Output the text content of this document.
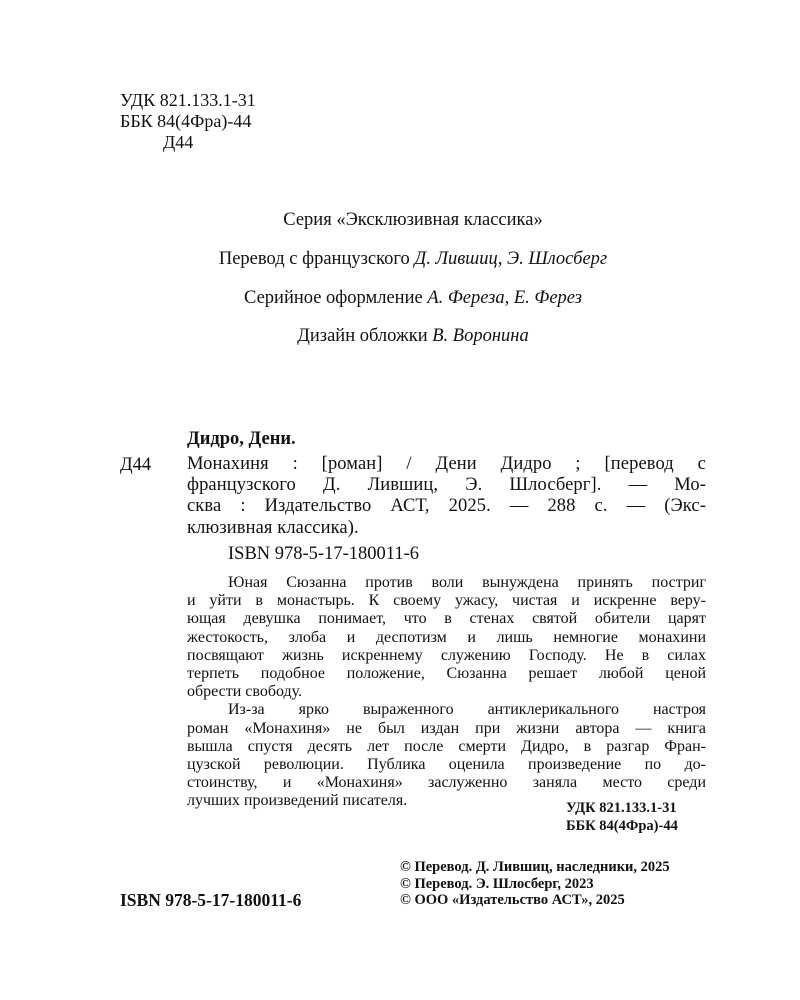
УДК 821.133.1-31
ББК 84(4Фра)-44
Д44
Серия «Эксклюзивная классика»
Перевод с французского Д. Лившиц, Э. Шлосберг
Серийное оформление А. Фереза, Е. Ферез
Дизайн обложки В. Воронина
Дидро, Дени.
Д44 Монахиня : [роман] / Дени Дидро ; [перевод с
французского Д. Лившиц, Э. Шлосберг]. — Мо-
сква : Издательство АСТ, 2025. — 288 с. — (Экс-
клюзивная классика).
ISBN 978-5-17-180011-6
Юная Сюзанна против воли вынуждена принять постриг
и уйти в монастырь. К своему ужасу, чистая и искренне веру-
ющая девушка понимает, что в стенах святой обители царят
жестокость, злоба и деспотизм и лишь немногие монахини
посвящают жизнь искреннему служению Господу. Не в силах
терпеть подобное положение, Сюзанна решает любой ценой
обрести свободу.
Из-за ярко выраженного антиклерикального настроя
роман «Монахиня» не был издан при жизни автора — книга
вышла спустя десять лет после смерти Дидро, в разгар Фран-
цузской революции. Публика оценила произведение по до-
стоинству, и «Монахиня» заслуженно заняла место среди
лучших произведений писателя.	УДК 821.133.1-31
ББК 84(4Фра)-44
ISBN 978-5-17-180011-6
© Перевод. Д. Лившиц, наследники, 2025
© Перевод. Э. Шлосберг, 2023
© ООО «Издательство АСТ», 2025
